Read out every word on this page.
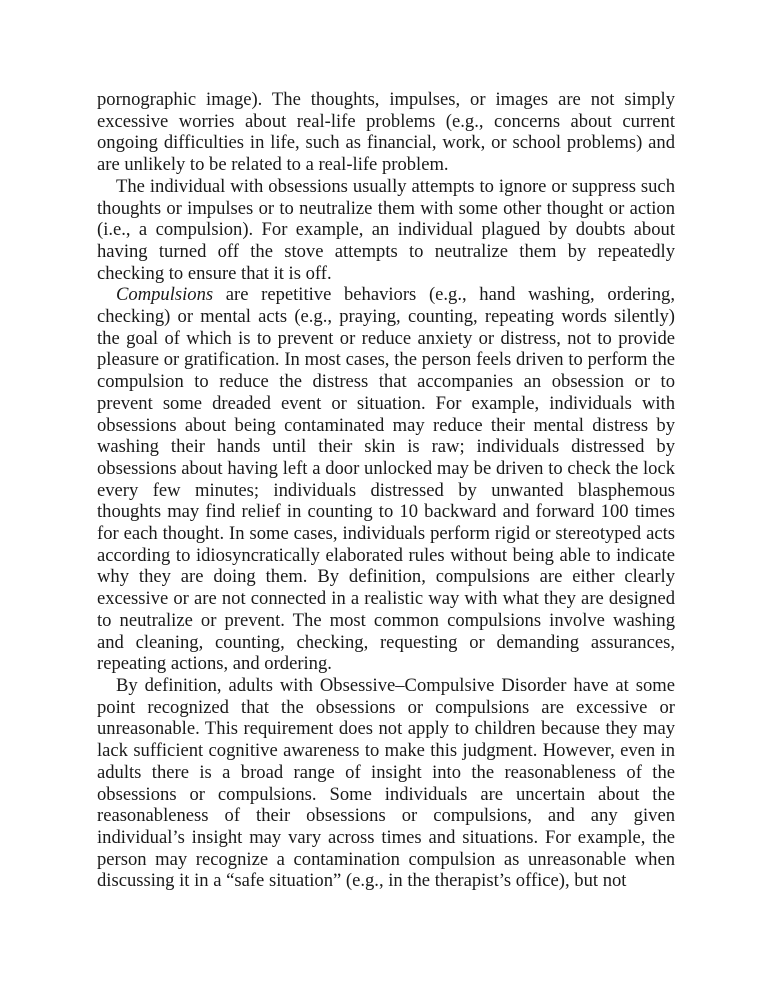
pornographic image). The thoughts, impulses, or images are not simply excessive worries about real-life problems (e.g., concerns about current ongoing difficulties in life, such as financial, work, or school problems) and are unlikely to be related to a real-life problem.

The individual with obsessions usually attempts to ignore or suppress such thoughts or impulses or to neutralize them with some other thought or action (i.e., a compulsion). For example, an individual plagued by doubts about having turned off the stove attempts to neutralize them by repeatedly checking to ensure that it is off.

Compulsions are repetitive behaviors (e.g., hand washing, ordering, checking) or mental acts (e.g., praying, counting, repeating words silently) the goal of which is to prevent or reduce anxiety or distress, not to provide pleasure or gratification. In most cases, the person feels driven to perform the compulsion to reduce the distress that accompanies an obsession or to prevent some dreaded event or situation. For example, individuals with obsessions about being contaminated may reduce their mental distress by washing their hands until their skin is raw; individuals distressed by obsessions about having left a door unlocked may be driven to check the lock every few minutes; individuals distressed by unwanted blasphemous thoughts may find relief in counting to 10 backward and forward 100 times for each thought. In some cases, individuals perform rigid or stereotyped acts according to idiosyncratically elaborated rules without being able to indicate why they are doing them. By definition, compulsions are either clearly excessive or are not connected in a realistic way with what they are designed to neutralize or prevent. The most common compulsions involve washing and cleaning, counting, checking, requesting or demanding assurances, repeating actions, and ordering.

By definition, adults with Obsessive–Compulsive Disorder have at some point recognized that the obsessions or compulsions are excessive or unreasonable. This requirement does not apply to children because they may lack sufficient cognitive awareness to make this judgment. However, even in adults there is a broad range of insight into the reasonableness of the obsessions or compulsions. Some individuals are uncertain about the reasonableness of their obsessions or compulsions, and any given individual’s insight may vary across times and situations. For example, the person may recognize a contamination compulsion as unreasonable when discussing it in a “safe situation” (e.g., in the therapist’s office), but not
